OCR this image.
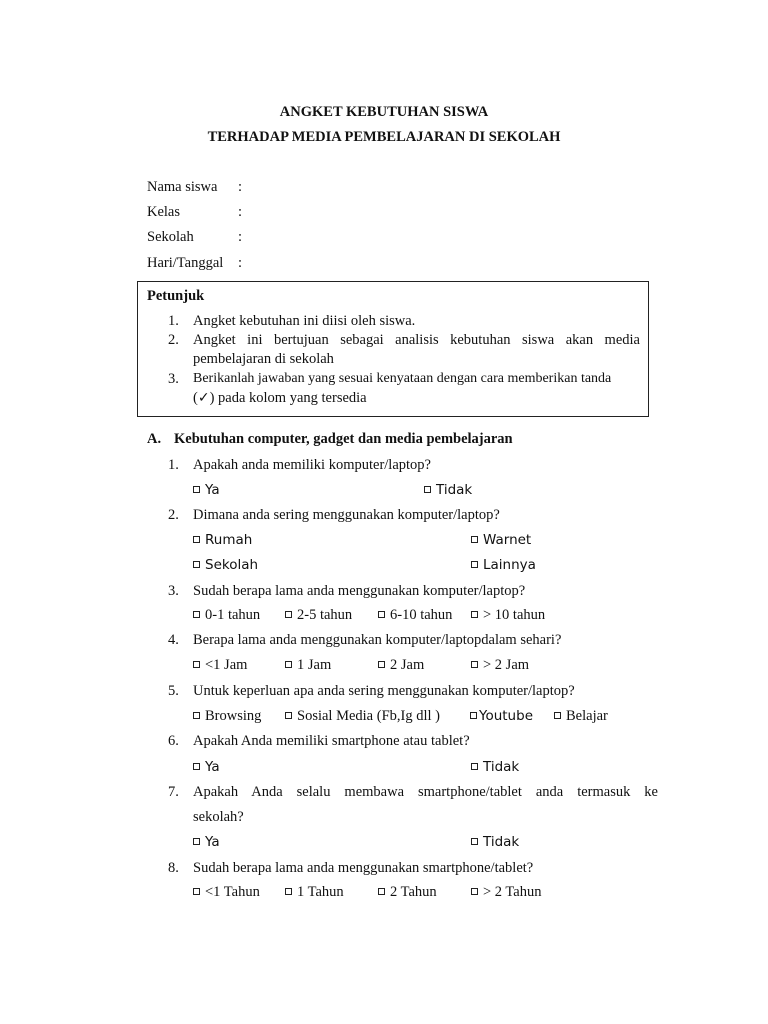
ANGKET KEBUTUHAN SISWA
TERHADAP MEDIA PEMBELAJARAN DI SEKOLAH
Nama siswa :
Kelas	:
Sekolah	:
Hari/Tanggal :
Petunjuk
1. Angket kebutuhan ini diisi oleh siswa.
2. Angket ini bertujuan sebagai analisis kebutuhan siswa akan media
pembelajaran di sekolah
3. Berikanlah jawaban yang sesuai kenyataan dengan cara memberikan tanda
(✓) pada kolom yang tersedia
A. Kebutuhan computer, gadget dan media pembelajaran
1. Apakah anda memiliki komputer/laptop?
Ya	Tidak
2. Dimana anda sering menggunakan komputer/laptop?
Rumah	Warnet
Sekolah	Lainnya
3. Sudah berapa lama anda menggunakan komputer/laptop?
0-1 tahun	2-5 tahun	6-10 tahun	> 10 tahun
4. Berapa lama anda menggunakan komputer/laptopdalam sehari?
<1 Jam	1 Jam	2 Jam	> 2 Jam
5. Untuk keperluan apa anda sering menggunakan komputer/laptop?
Browsing	Sosial Media (Fb,Ig dll )	Youtube	Belajar
6. Apakah Anda memiliki smartphone atau tablet?
Ya	Tidak
7. Apakah Anda selalu membawa smartphone/tablet anda termasuk ke
sekolah?
Ya	Tidak
8. Sudah berapa lama anda menggunakan smartphone/tablet?
<1 Tahun	1 Tahun	2 Tahun	> 2 Tahun
